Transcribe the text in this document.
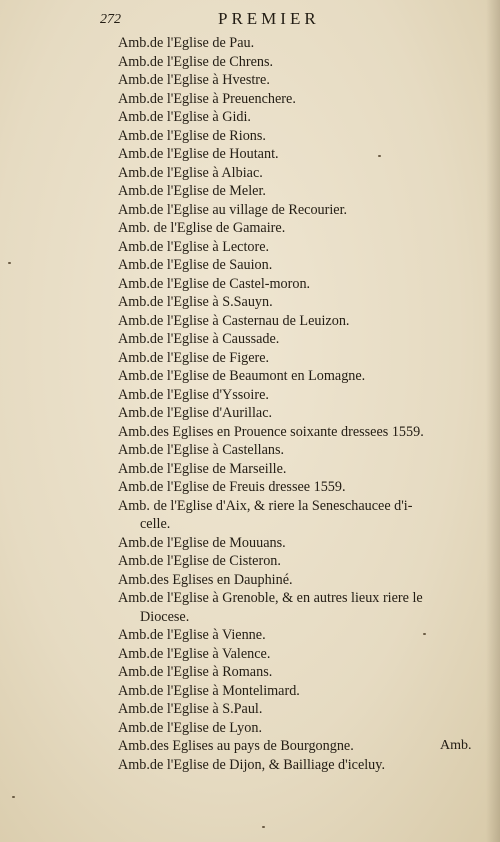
272	PREMIER
Amb.de l'Eglise de Pau.
Amb.de l'Eglise de Chrens.
Amb.de l'Eglise à Hvestre.
Amb.de l'Eglise à Preuenchere.
Amb.de l'Eglise à Gidi.
Amb.de l'Eglise de Rions.
Amb.de l'Eglise de Houtant.
Amb.de l'Eglise à Albiac.
Amb.de l'Eglise de Meler.
Amb.de l'Eglise au village de Recourier.
Amb. de l'Eglise de Gamaire.
Amb.de l'Eglise à Lectore.
Amb.de l'Eglise de Sauion.
Amb.de l'Eglise de Castel-moron.
Amb.de l'Eglise à S.Sauyn.
Amb.de l'Eglise à Casternau de Leuizon.
Amb.de l'Eglise à Caussade.
Amb.de l'Eglise de Figere.
Amb.de l'Eglise de Beaumont en Lomagne.
Amb.de l'Eglise d'Yssoire.
Amb.de l'Eglise d'Aurillac.
Amb.des Eglises en Prouence soixante dressees 1559.
Amb.de l'Eglise à Castellans.
Amb.de l'Eglise de Marseille.
Amb.de l'Eglise de Freuis dressee 1559.
Amb. de l'Eglise d'Aix, & riere la Seneschaucee d'i-
celle.
Amb.de l'Eglise de Mouuans.
Amb.de l'Eglise de Cisteron.
Amb.des Eglises en Dauphiné.
Amb.de l'Eglise à Grenoble, & en autres lieux riere le
Diocese.
Amb.de l'Eglise à Vienne.
Amb.de l'Eglise à Valence.
Amb.de l'Eglise à Romans.
Amb.de l'Eglise à Montelimard.
Amb.de l'Eglise à S.Paul.
Amb.de l'Eglise de Lyon.
Amb.des Eglises au pays de Bourgongne.
Amb.de l'Eglise de Dijon, & Bailliage d'iceluy.
Amb.
